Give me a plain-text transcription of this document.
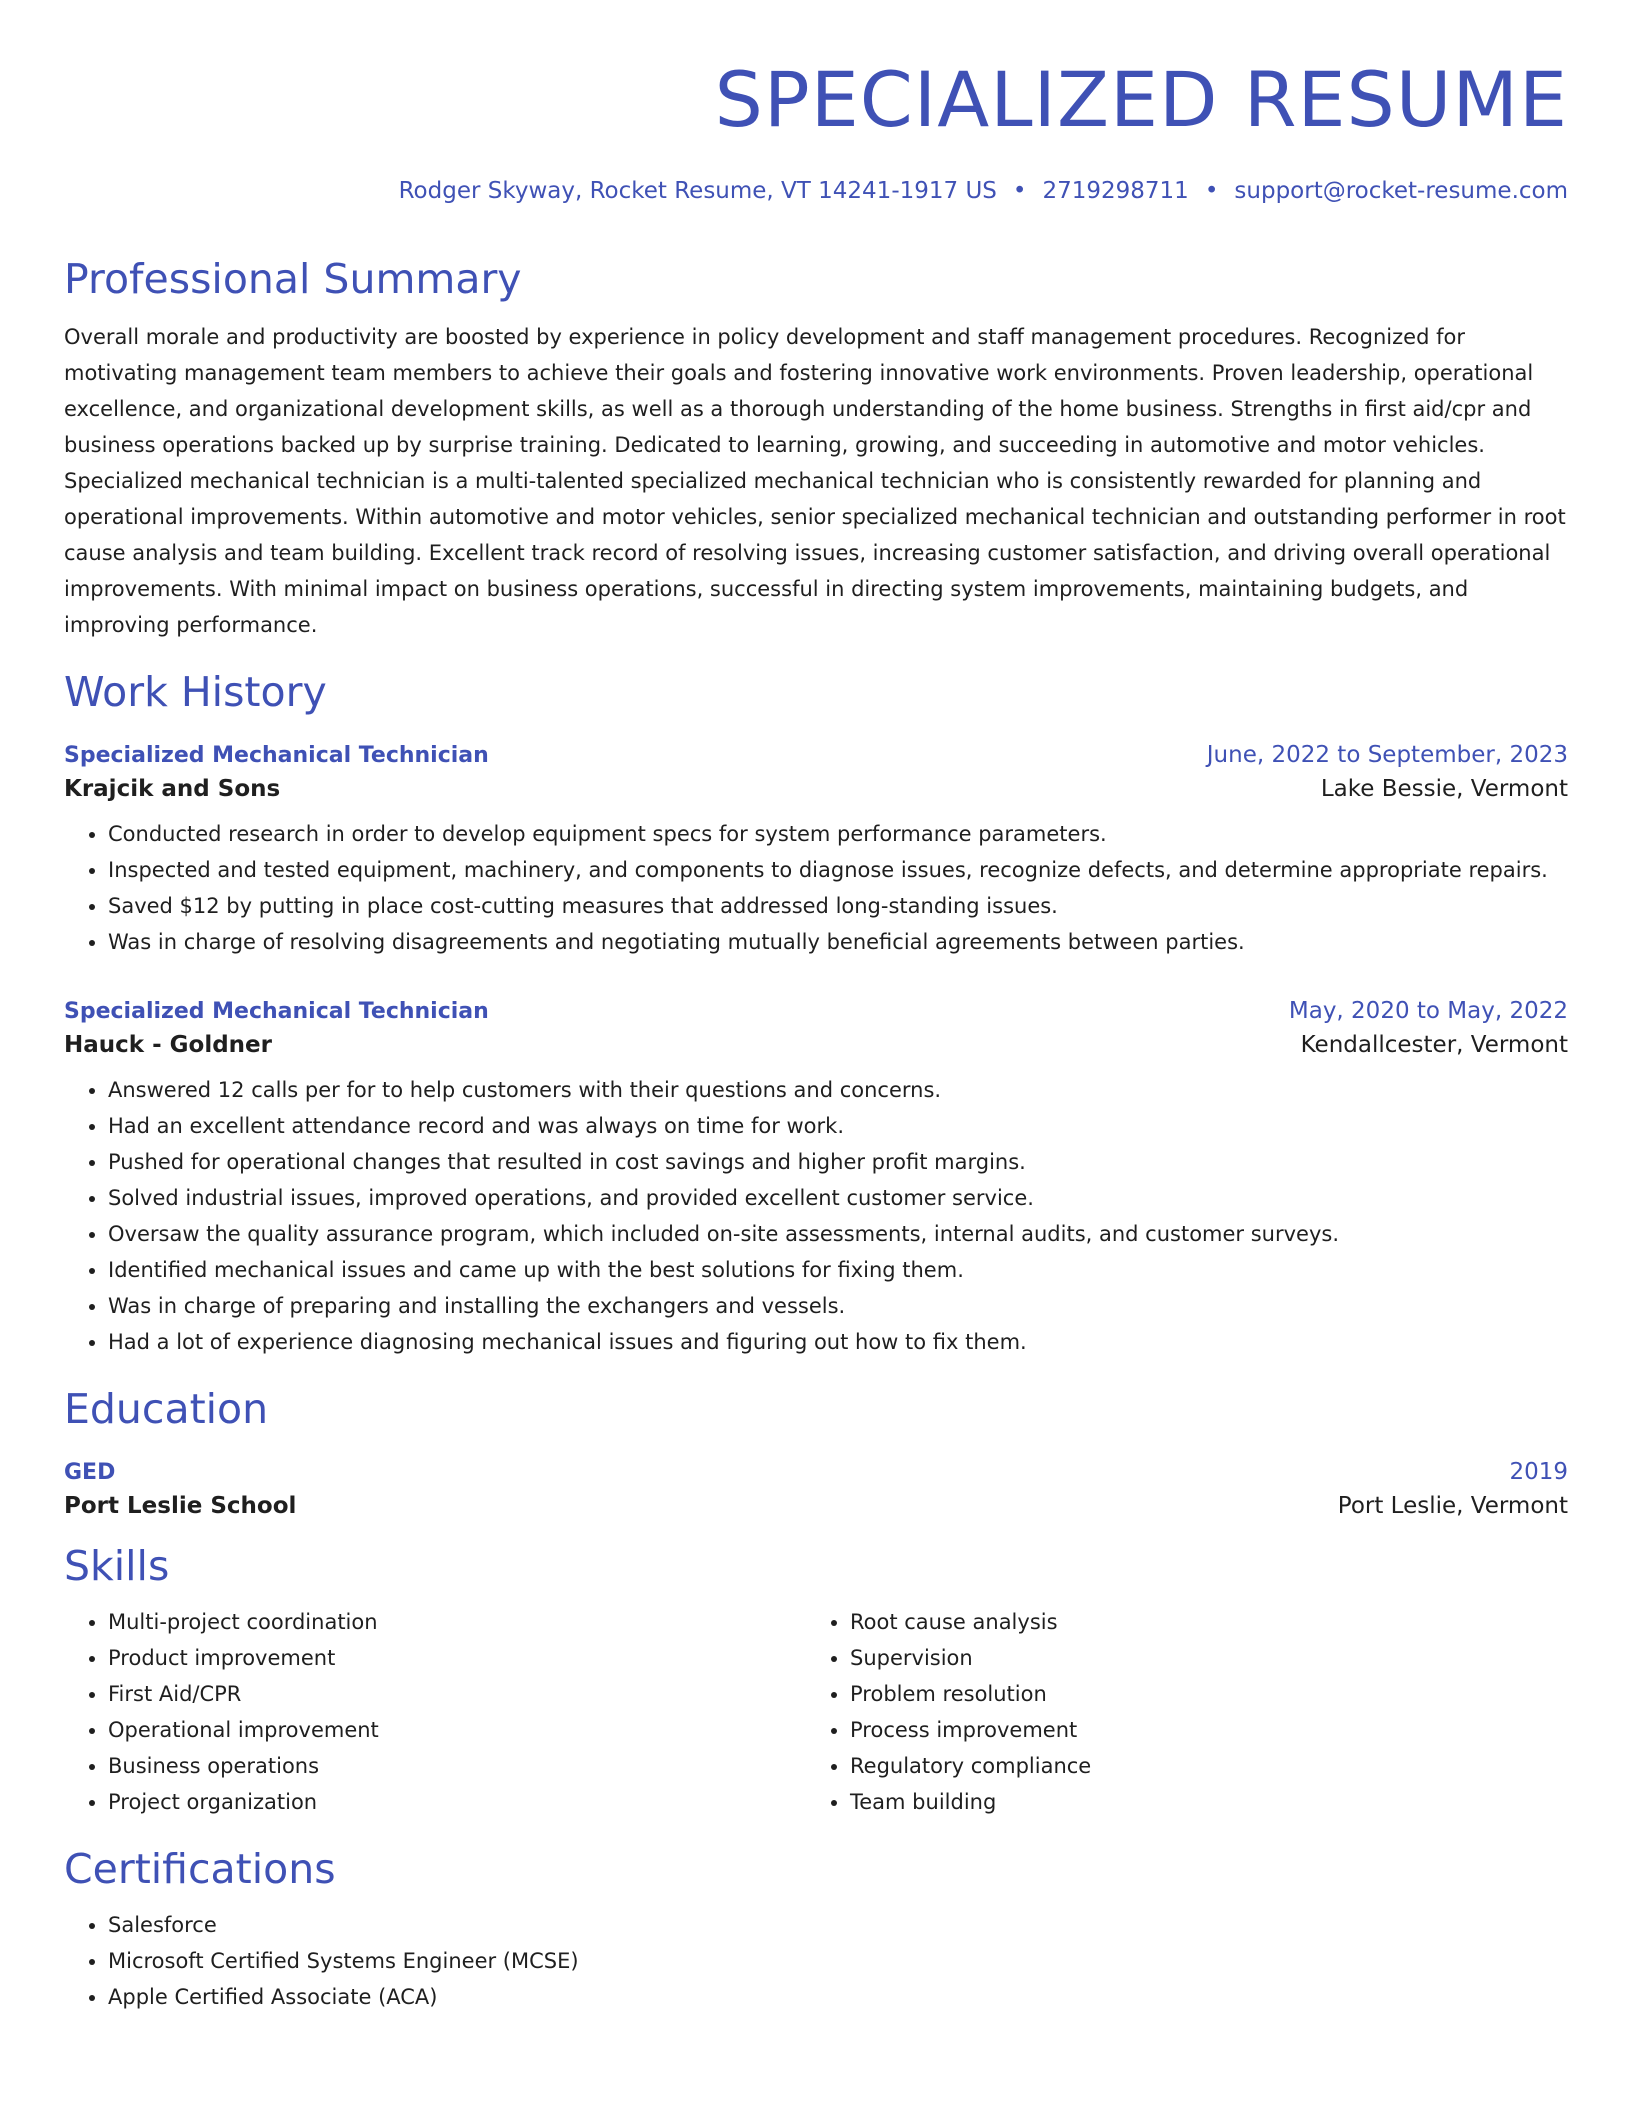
SPECIALIZED RESUME
Rodger Skyway, Rocket Resume, VT 14241-1917 US • 2719298711 • support@rocket-resume.com
Professional Summary
Overall morale and productivity are boosted by experience in policy development and staff management procedures. Recognized for motivating management team members to achieve their goals and fostering innovative work environments. Proven leadership, operational excellence, and organizational development skills, as well as a thorough understanding of the home business. Strengths in first aid/cpr and business operations backed up by surprise training. Dedicated to learning, growing, and succeeding in automotive and motor vehicles. Specialized mechanical technician is a multi-talented specialized mechanical technician who is consistently rewarded for planning and operational improvements. Within automotive and motor vehicles, senior specialized mechanical technician and outstanding performer in root cause analysis and team building. Excellent track record of resolving issues, increasing customer satisfaction, and driving overall operational improvements. With minimal impact on business operations, successful in directing system improvements, maintaining budgets, and improving performance.
Work History
Specialized Mechanical Technician	June, 2022 to September, 2023
Krajcik and Sons	Lake Bessie, Vermont
• Conducted research in order to develop equipment specs for system performance parameters.
• Inspected and tested equipment, machinery, and components to diagnose issues, recognize defects, and determine appropriate repairs.
• Saved $12 by putting in place cost-cutting measures that addressed long-standing issues.
• Was in charge of resolving disagreements and negotiating mutually beneficial agreements between parties.
Specialized Mechanical Technician	May, 2020 to May, 2022
Hauck - Goldner	Kendallcester, Vermont
• Answered 12 calls per for to help customers with their questions and concerns.
• Had an excellent attendance record and was always on time for work.
• Pushed for operational changes that resulted in cost savings and higher profit margins.
• Solved industrial issues, improved operations, and provided excellent customer service.
• Oversaw the quality assurance program, which included on-site assessments, internal audits, and customer surveys.
• Identified mechanical issues and came up with the best solutions for fixing them.
• Was in charge of preparing and installing the exchangers and vessels.
• Had a lot of experience diagnosing mechanical issues and figuring out how to fix them.
Education
GED	2019
Port Leslie School	Port Leslie, Vermont
Skills
• Multi-project coordination
• Product improvement
• First Aid/CPR
• Operational improvement
• Business operations
• Project organization
• Root cause analysis
• Supervision
• Problem resolution
• Process improvement
• Regulatory compliance
• Team building
Certifications
• Salesforce
• Microsoft Certified Systems Engineer (MCSE)
• Apple Certified Associate (ACA)
